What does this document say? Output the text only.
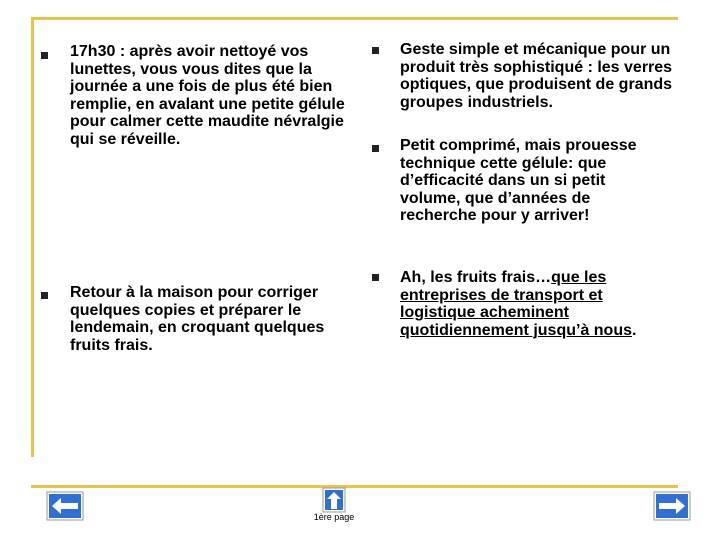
17h30 : après avoir nettoyé vos lunettes, vous vous dites que la journée a une fois de plus été bien remplie, en avalant une petite gélule pour calmer cette maudite névralgie qui se réveille.
Retour à la maison pour corriger quelques copies et préparer le lendemain, en croquant quelques fruits frais.
Geste simple et mécanique pour un produit très sophistiqué : les verres optiques, que produisent de grands groupes industriels.
Petit comprimé, mais prouesse technique cette gélule: que d’efficacité dans un si petit volume, que d’années de recherche pour y arriver!
Ah, les fruits frais…que les entreprises de transport et logistique acheminent quotidiennement jusqu’à nous.
1ère page
